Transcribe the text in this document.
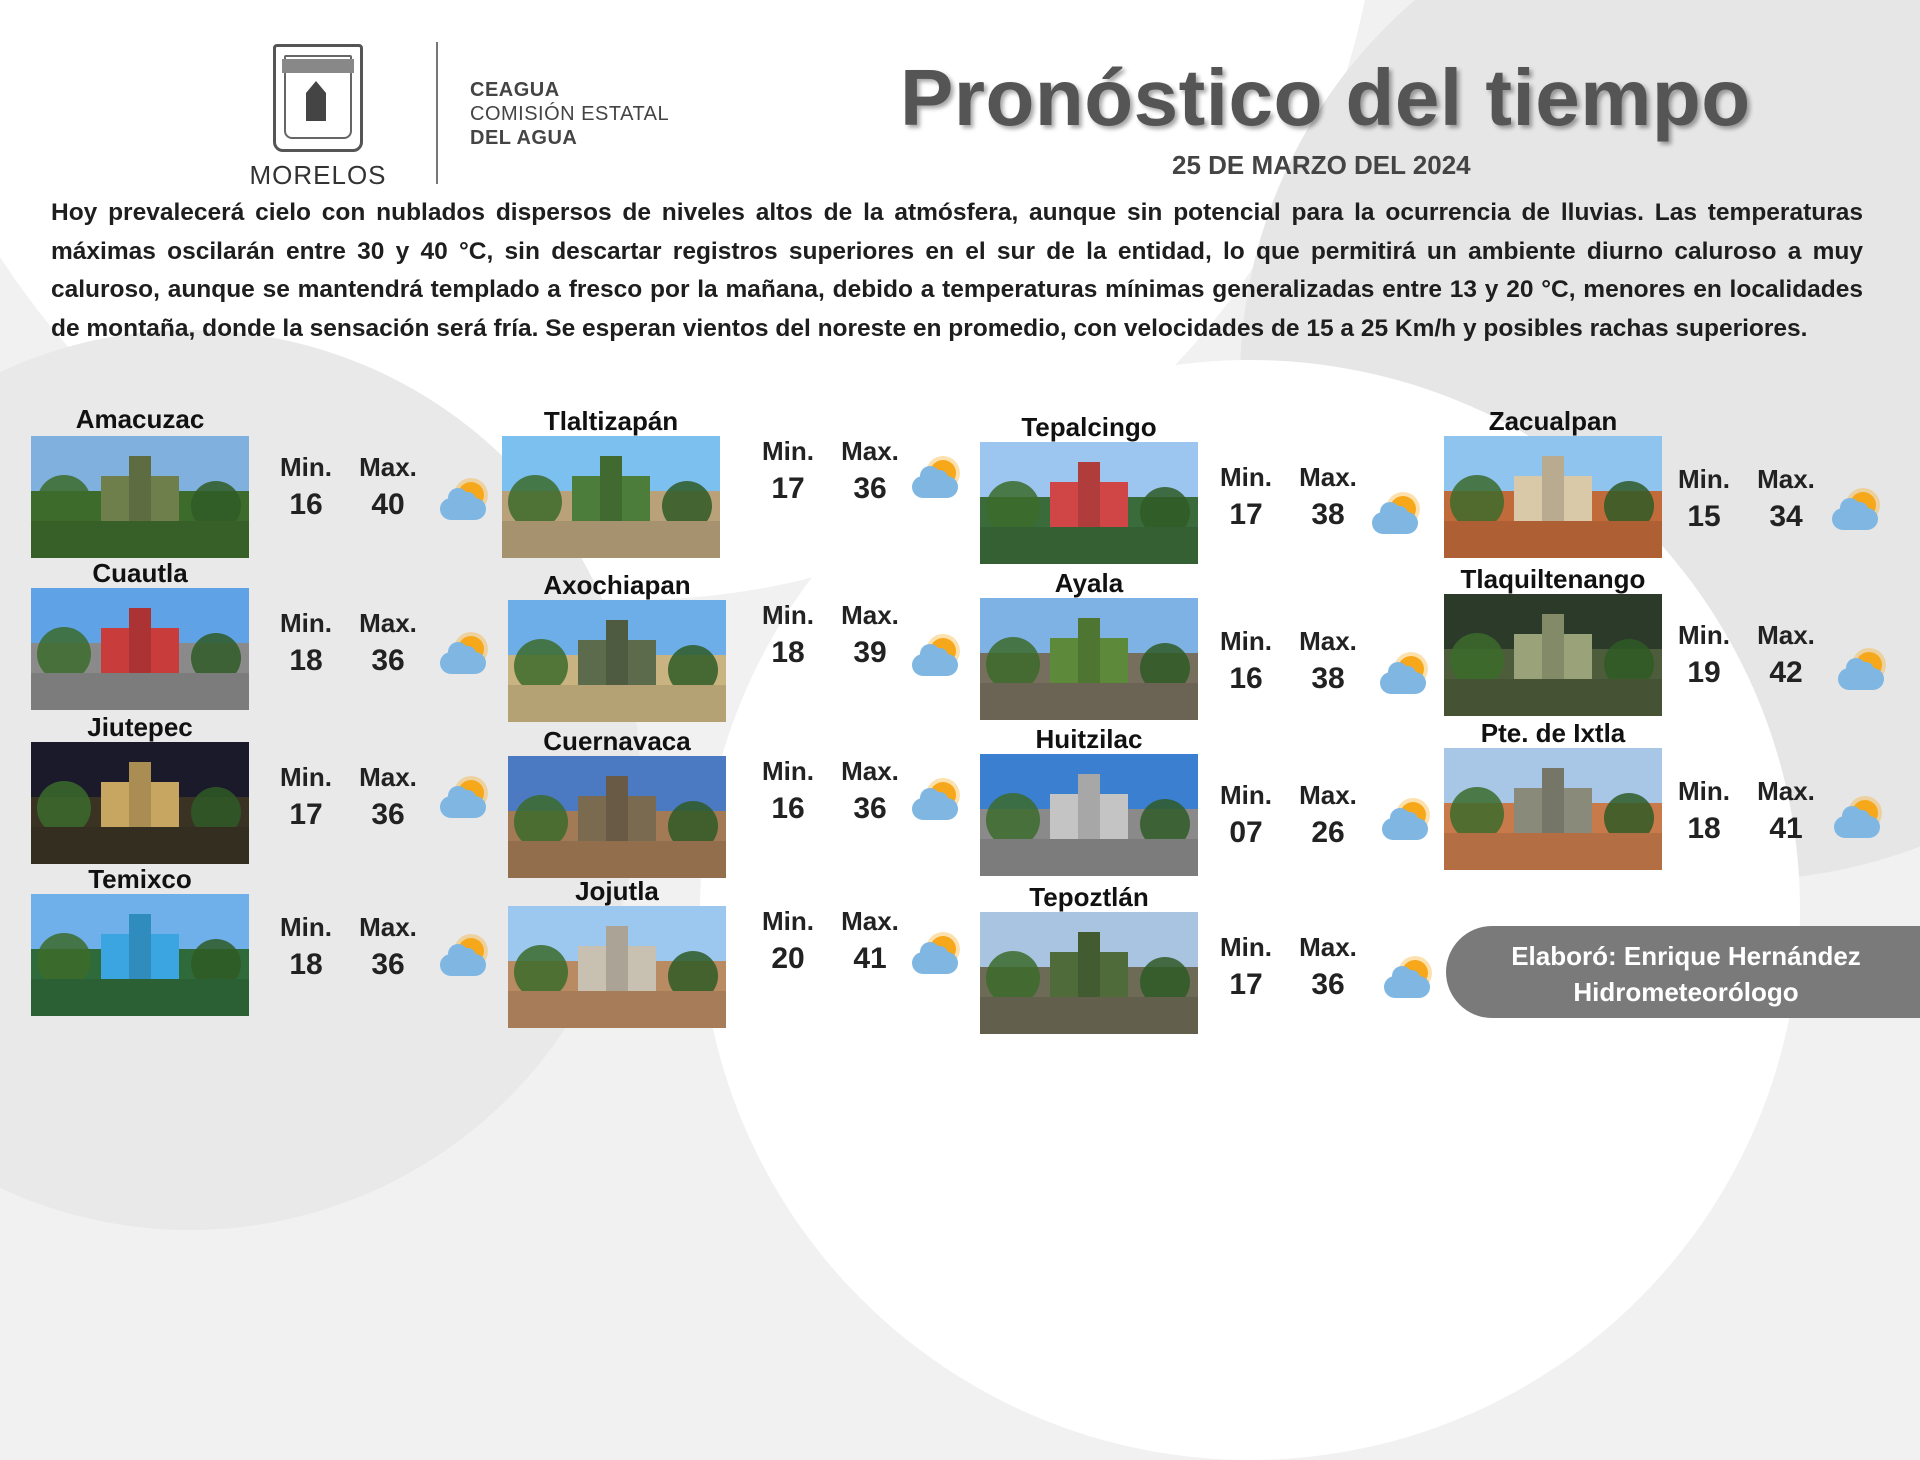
MORELOS
CEAGUA
COMISIÓN ESTATAL
DEL AGUA	Pronóstico del tiempo
25 DE MARZO DEL 2024

Hoy prevalecerá cielo con nublados dispersos de niveles altos de la atmósfera, aunque sin potencial para la ocurrencia de lluvias. Las temperaturas máximas oscilarán entre 30 y 40 °C, sin descartar registros superiores en el sur de la entidad, lo que permitirá un ambiente diurno caluroso a muy caluroso, aunque se mantendrá templado a fresco por la mañana, debido a temperaturas mínimas generalizadas entre 13 y 20 °C, menores en localidades de montaña, donde la sensación será fría. Se esperan vientos del noreste en promedio, con velocidades de 15 a 25 Km/h y posibles rachas superiores.

Amacuzac
Min.	Max.
16	40
Cuautla
Min.	Max.
18	36
Jiutepec
Min.	Max.
17	36
Temixco
Min.	Max.
18	36
Tlaltizapán
Min.	Max.
17	36
Axochiapan
Min.	Max.
18	39
Cuernavaca
Min.	Max.
16	36
Jojutla
Min.	Max.
20	41
Tepalcingo
Min.	Max.
17	38
Ayala
Min.	Max.
16	38
Huitzilac
Min.	Max.
07	26
Tepoztlán
Min.	Max.
17	36
Zacualpan
Min.	Max.
15	34
Tlaquiltenango
Min.	Max.
19	42
Pte. de Ixtla
Min.	Max.
18	41
Elaboró: Enrique Hernández
Hidrometeorólogo
